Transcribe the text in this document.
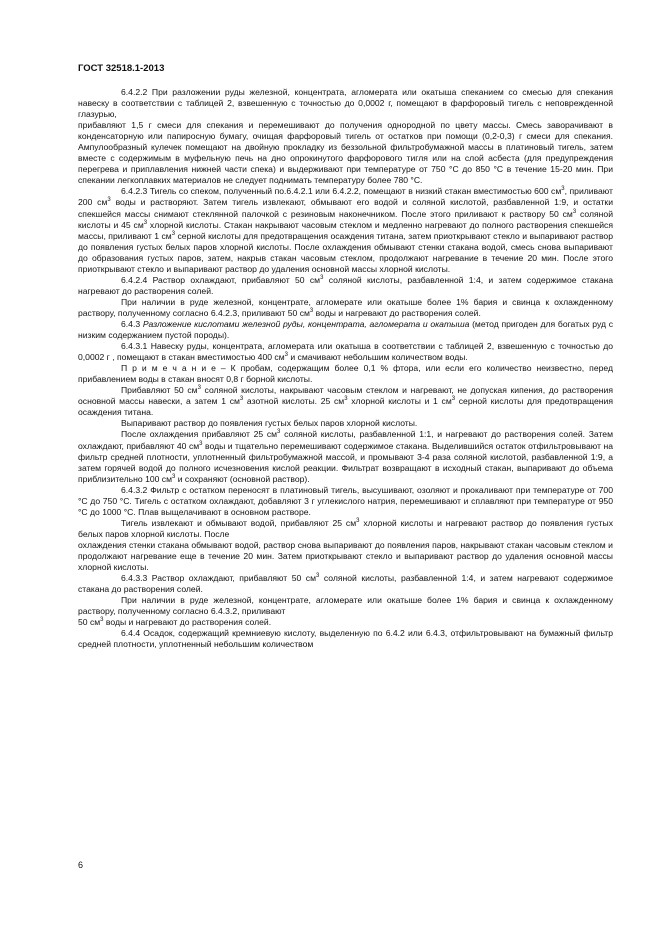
ГОСТ 32518.1-2013

6.4.2.2 При разложении руды железной, концентрата, агломерата или окатыша спеканием со смесью для спекания навеску в соответствии с таблицей 2, взвешенную с точностью до 0,0002 г, помещают в фарфоровый тигель с неповрежденной глазурью,

прибавляют 1,5 г смеси для спекания и перемешивают до получения однородной по цвету массы. Смесь заворачивают в конденсаторную или папиросную бумагу, очищая фарфоровый тигель от остатков при помощи (0,2-0,3) г смеси для спекания. Ампулообразный кулечек помещают на двойную прокладку из беззольной фильтробумажной массы в платиновый тигель, затем вместе с содержимым в муфельную печь на дно опрокинутого фарфорового тигля или на слой асбеста (для предупреждения перегрева и приплавления нижней части спека) и выдерживают при температуре от 750 °С до 850 °С в течение 15-20 мин. При спекании легкоплавких материалов не следует поднимать температуру более 780 °С.

6.4.2.3 Тигель со спеком, полученный по.6.4.2.1 или 6.4.2.2, помещают в низкий стакан вместимостью 600 $см^3$, приливают 200 $см^3$ воды и растворяют. Затем тигель извлекают, обмывают его водой и соляной кислотой, разбавленной 1:9, и остатки спекшейся массы снимают стеклянной палочкой с резиновым наконечником. После этого приливают к раствору 50 $см^3$ соляной кислоты и 45 $см^3$ хлорной кислоты. Стакан накрывают часовым стеклом и медленно нагревают до полного растворения спекшейся массы, приливают 1 $см^3$ серной кислоты для предотвращения осаждения титана, затем приоткрывают стекло и выпаривают раствор до появления густых белых паров хлорной кислоты. После охлаждения обмывают стенки стакана водой, смесь снова выпаривают до образования густых паров, затем, накрыв стакан часовым стеклом, продолжают нагревание в течение 20 мин. После этого приоткрывают стекло и выпаривают раствор до удаления основной массы хлорной кислоты.

6.4.2.4 Раствор охлаждают, прибавляют 50 $см^3$ соляной кислоты, разбавленной 1:4, и затем содержимое стакана нагревают до растворения солей.

При наличии в руде железной, концентрате, агломерате или окатыше более 1% бария и свинца к охлажденному раствору, полученному согласно 6.4.2.3, приливают 50 $см^3$ воды и нагревают до растворения солей.

6.4.3 Разложение кислотами железной руды, концентрата, агломерата и окатыша (метод пригоден для богатых руд с низким содержанием пустой породы).

6.4.3.1 Навеску руды, концентрата, агломерата или окатыша в соответствии с таблицей 2, взвешенную с точностью до 0,0002 г , помещают в стакан вместимостью 400 $см^3$ и смачивают небольшим количеством воды.

П р и м е ч а н и е – К пробам, содержащим более 0,1 % фтора, или если его количество неизвестно, перед прибавлением воды в стакан вносят 0,8 г борной кислоты.

Прибавляют 50 $см^3$ соляной кислоты, накрывают часовым стеклом и нагревают, не допуская кипения, до растворения основной массы навески, а затем 1 $см^3$ азотной кислоты. 25 $см^3$ хлорной кислоты и 1 $см^3$ серной кислоты для предотвращения осаждения титана.

Выпаривают раствор до появления густых белых паров хлорной кислоты.

После охлаждения прибавляют 25 $см^3$ соляной кислоты, разбавленной 1:1, и нагревают до растворения солей. Затем охлаждают, прибавляют 40 $см^3$ воды и тщательно перемешивают содержимое стакана. Выделившийся остаток отфильтровывают на фильтр средней плотности, уплотненный фильтробумажной массой, и промывают 3-4 раза соляной кислотой, разбавленной 1:9, а затем горячей водой до полного исчезновения кислой реакции. Фильтрат возвращают в исходный стакан, выпаривают до объема приблизительно 100 $см^3$ и сохраняют (основной раствор).

6.4.3.2 Фильтр с остатком переносят в платиновый тигель, высушивают, озоляют и прокаливают при температуре от 700 °С до 750 °С. Тигель с остатком охлаждают, добавляют 3 г углекислого натрия, перемешивают и сплавляют при температуре от 950 °С до 1000 °С. Плав выщелачивают в основном растворе.

Тигель извлекают и обмывают водой, прибавляют 25 $см^3$ хлорной кислоты и нагревают раствор до появления густых белых паров хлорной кислоты. После

охлаждения стенки стакана обмывают водой, раствор снова выпаривают до появления паров, накрывают стакан часовым стеклом и продолжают нагревание еще в течение 20 мин. Затем приоткрывают стекло и выпаривают раствор до удаления основной массы хлорной кислоты.

6.4.3.3 Раствор охлаждают, прибавляют 50 $см^3$ соляной кислоты, разбавленной 1:4, и затем нагревают содержимое стакана до растворения солей.

При наличии в руде железной, концентрате, агломерате или окатыше более 1% бария и свинца к охлажденному раствору, полученному согласно 6.4.3.2, приливают

50 $см^3$ воды и нагревают до растворения солей.

6.4.4 Осадок, содержащий кремниевую кислоту, выделенную по 6.4.2 или 6.4.3, отфильтровывают на бумажный фильтр средней плотности, уплотненный небольшим количеством

6
